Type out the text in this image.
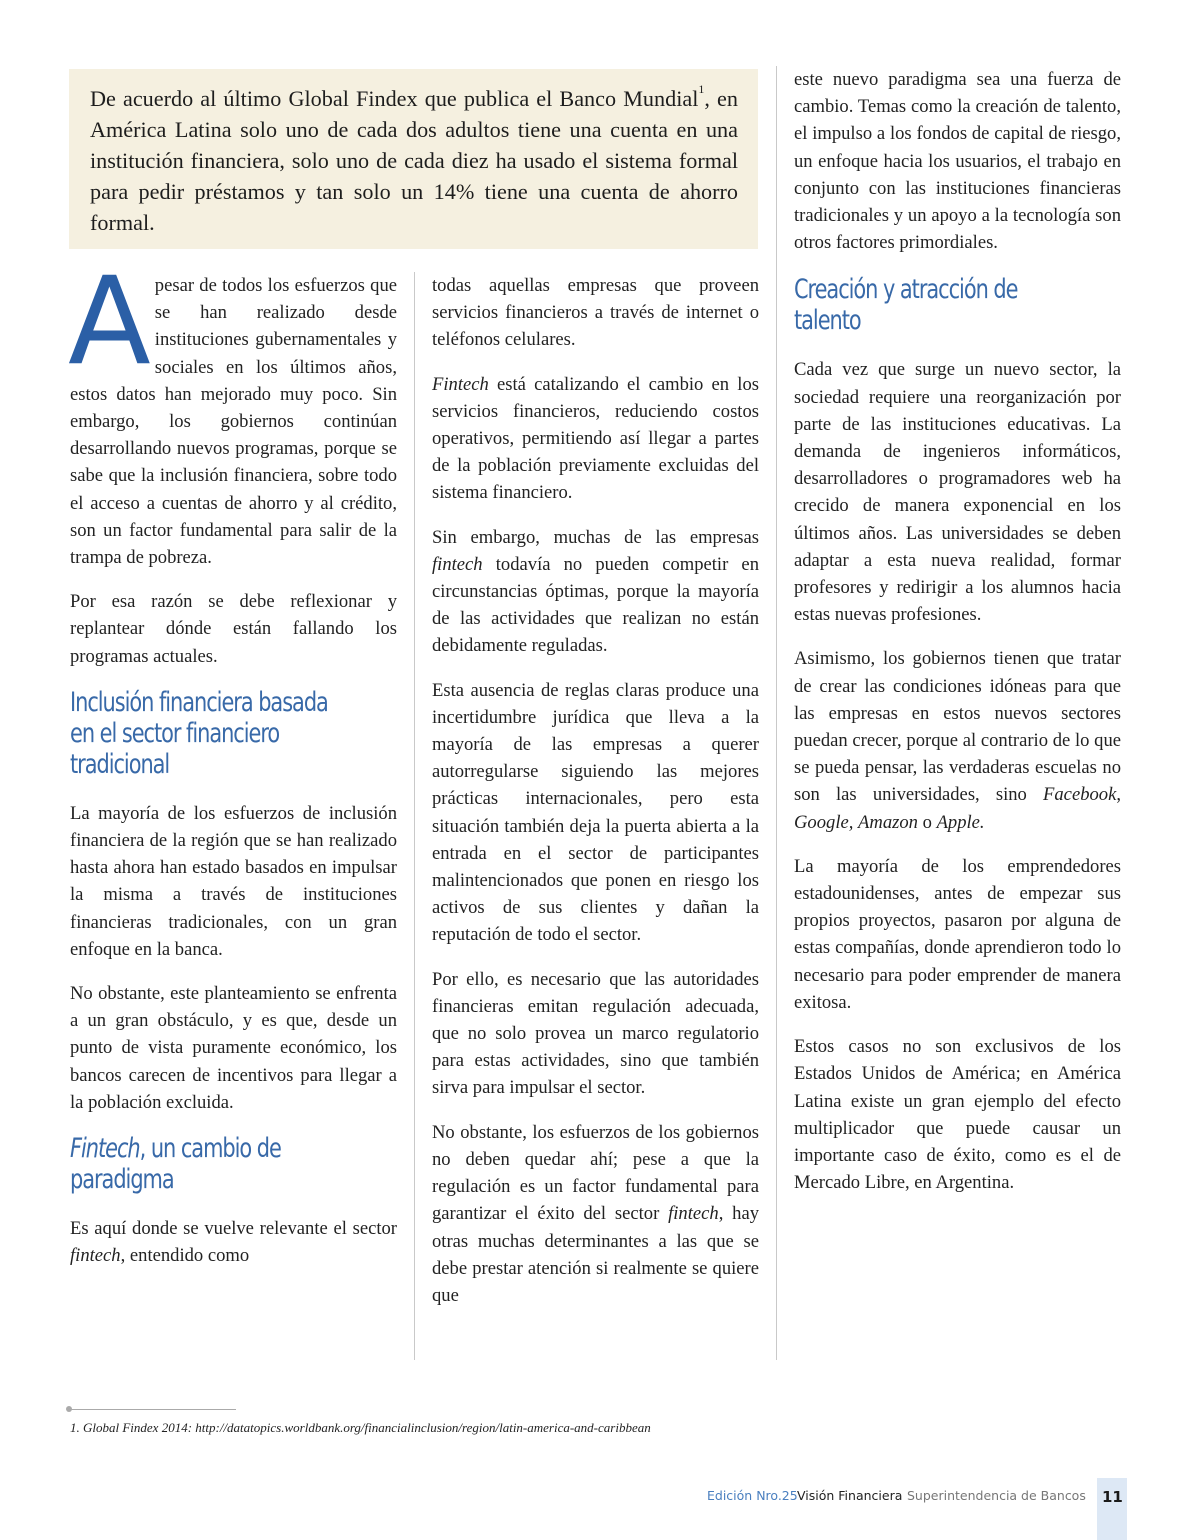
De acuerdo al último Global Findex que publica el Banco Mundial$^1$, en América Latina solo uno de cada dos adultos tiene una cuenta en una institución financiera, solo uno de cada diez ha usado el sistema formal para pedir préstamos y tan solo un 14% tiene una cuenta de ahorro formal.

Apesar de todos los esfuerzos que se han realizado desde instituciones gubernamentales y sociales en los últimos años, estos datos han mejorado muy poco. Sin embargo, los gobiernos continúan desarrollando nuevos programas, porque se sabe que la inclusión financiera, sobre todo el acceso a cuentas de ahorro y al crédito, son un factor fundamental para salir de la trampa de pobreza.

Por esa razón se debe reflexionar y replantear dónde están fallando los programas actuales.

Inclusión financiera basada
en el sector financiero
tradicional

La mayoría de los esfuerzos de inclusión financiera de la región que se han realizado hasta ahora han estado basados en impulsar la misma a través de instituciones financieras tradicionales, con un gran enfoque en la banca.

No obstante, este planteamiento se enfrenta a un gran obstáculo, y es que, desde un punto de vista puramente económico, los bancos carecen de incentivos para llegar a la población excluida.

Fintech, un cambio de
paradigma

Es aquí donde se vuelve relevante el sector fintech, entendido como

todas aquellas empresas que proveen servicios financieros a través de internet o teléfonos celulares.

Fintech está catalizando el cambio en los servicios financieros, reduciendo costos operativos, permitiendo así llegar a partes de la población previamente excluidas del sistema financiero.

Sin embargo, muchas de las empresas fintech todavía no pueden competir en circunstancias óptimas, porque la mayoría de las actividades que realizan no están debidamente reguladas.

Esta ausencia de reglas claras produce una incertidumbre jurídica que lleva a la mayoría de las empresas a querer autorregularse siguiendo las mejores prácticas internacionales, pero esta situación también deja la puerta abierta a la entrada en el sector de participantes malintencionados que ponen en riesgo los activos de sus clientes y dañan la reputación de todo el sector.

Por ello, es necesario que las autoridades financieras emitan regulación adecuada, que no solo provea un marco regulatorio para estas actividades, sino que también sirva para impulsar el sector.

No obstante, los esfuerzos de los gobiernos no deben quedar ahí; pese a que la regulación es un factor fundamental para garantizar el éxito del sector fintech, hay otras muchas determinantes a las que se debe prestar atención si realmente se quiere que

este nuevo paradigma sea una fuerza de cambio. Temas como la creación de talento, el impulso a los fondos de capital de riesgo, un enfoque hacia los usuarios, el trabajo en conjunto con las instituciones financieras tradicionales y un apoyo a la tecnología son otros factores primordiales.

Creación y atracción de
talento

Cada vez que surge un nuevo sector, la sociedad requiere una reorganización por parte de las instituciones educativas. La demanda de ingenieros informáticos, desarrolladores o programadores web ha crecido de manera exponencial en los últimos años. Las universidades se deben adaptar a esta nueva realidad, formar profesores y redirigir a los alumnos hacia estas nuevas profesiones.

Asimismo, los gobiernos tienen que tratar de crear las condiciones idóneas para que las empresas en estos nuevos sectores puedan crecer, porque al contrario de lo que se pueda pensar, las verdaderas escuelas no son las universidades, sino Facebook, Google, Amazon o Apple.

La mayoría de los emprendedores estadounidenses, antes de empezar sus propios proyectos, pasaron por alguna de estas compañías, donde aprendieron todo lo necesario para poder emprender de manera exitosa.

Estos casos no son exclusivos de los Estados Unidos de América; en América Latina existe un gran ejemplo del efecto multiplicador que puede causar un importante caso de éxito, como es el de Mercado Libre, en Argentina.

1. Global Findex 2014: http://datatopics.worldbank.org/financialinclusion/region/latin-america-and-caribbean
Edición Nro.25 Visión Financiera Superintendencia de Bancos 11
